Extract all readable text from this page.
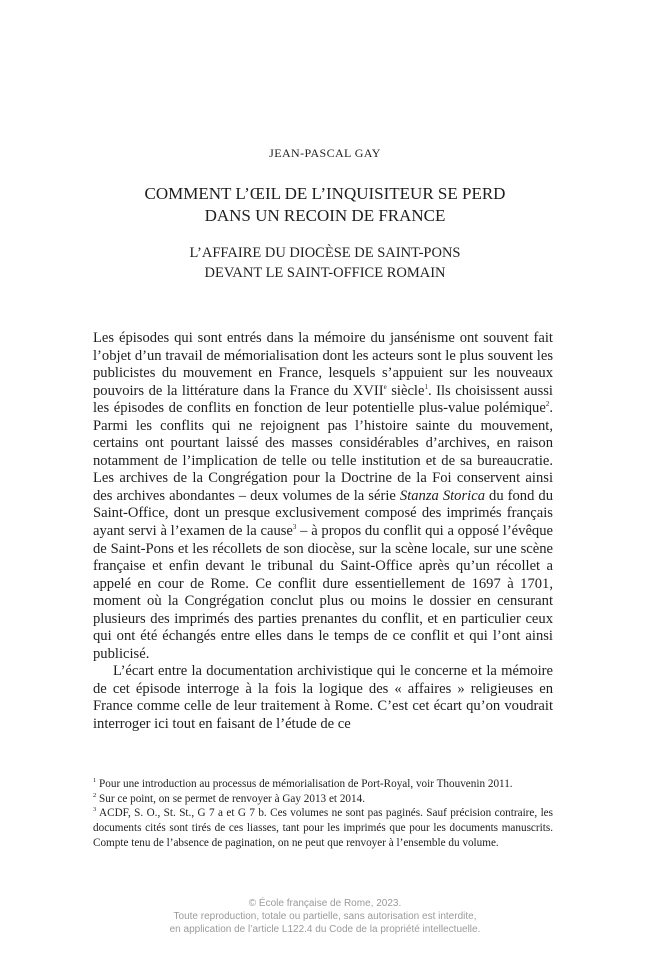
JEAN-PASCAL GAY
COMMENT L’ŒIL DE L’INQUISITEUR SE PERD
DANS UN RECOIN DE FRANCE
L’AFFAIRE DU DIOCÈSE DE SAINT-PONS
DEVANT LE SAINT-OFFICE ROMAIN

Les épisodes qui sont entrés dans la mémoire du jansénisme ont souvent fait l’objet d’un travail de mémorialisation dont les acteurs sont le plus souvent les publicistes du mouvement en France, lesquels s’appuient sur les nouveaux pouvoirs de la littérature dans la France du XVIIe siècle$^1$. Ils choisissent aussi les épisodes de conflits en fonction de leur potentielle plus-value polémique$^2$. Parmi les conflits qui ne rejoignent pas l’histoire sainte du mouvement, certains ont pourtant laissé des masses considérables d’archives, en raison notamment de l’implication de telle ou telle institution et de sa bureaucratie. Les archives de la Congrégation pour la Doctrine de la Foi conservent ainsi des archives abondantes – deux volumes de la série Stanza Storica du fond du Saint-Office, dont un presque exclusivement composé des imprimés français ayant servi à l’examen de la cause$^3$ – à propos du conflit qui a opposé l’évêque de Saint-Pons et les récollets de son diocèse, sur la scène locale, sur une scène française et enfin devant le tribunal du Saint-Office après qu’un récollet a appelé en cour de Rome. Ce conflit dure essentiellement de 1697 à 1701, moment où la Congrégation conclut plus ou moins le dossier en censurant plusieurs des imprimés des parties prenantes du conflit, et en particulier ceux qui ont été échangés entre elles dans le temps de ce conflit et qui l’ont ainsi publicisé.

L’écart entre la documentation archivistique qui le concerne et la mémoire de cet épisode interroge à la fois la logique des « affaires » religieuses en France comme celle de leur traitement à Rome. C’est cet écart qu’on voudrait interroger ici tout en faisant de l’étude de ce

$^1$ Pour une introduction au processus de mémorialisation de Port-Royal, voir Thouvenin 2011.

$^2$ Sur ce point, on se permet de renvoyer à Gay 2013 et 2014.

$^3$ ACDF, S. O., St. St., G 7 a et G 7 b. Ces volumes ne sont pas paginés. Sauf précision contraire, les documents cités sont tirés de ces liasses, tant pour les imprimés que pour les documents manuscrits. Compte tenu de l’absence de pagination, on ne peut que renvoyer à l’ensemble du volume.

© École française de Rome, 2023.
Toute reproduction, totale ou partielle, sans autorisation est interdite,
en application de l’article L122.4 du Code de la propriété intellectuelle.
